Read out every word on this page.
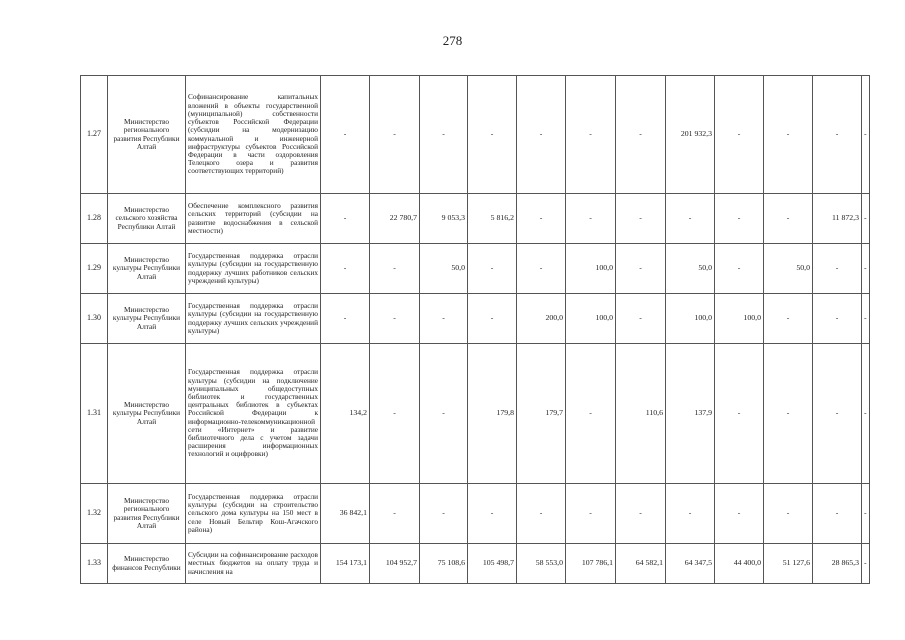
278
1.27	Министерство регионального развития Республики Алтай	Софинансирование капитальных вложений в объекты государственной (муниципальной) собственности субъектов Российской Федерации (субсидии на модернизацию коммунальной и инженерной инфраструктуры субъектов Российской Федерации в части оздоровления Телецкого озера и развития соответствующих территорий)	-	-	-	-	-	-	-	201 932,3	-	-	-	-
1.28	Министерство сельского хозяйства Республики Алтай	Обеспечение комплексного развития сельских территорий (субсидии на развитие водоснабжения в сельской местности)	-	22 780,7	9 053,3	5 816,2	-	-	-	-	-	-	11 872,3	-
1.29	Министерство культуры Республики Алтай	Государственная поддержка отрасли культуры (субсидии на государственную поддержку лучших работников сельских учреждений культуры)	-	-	50,0	-	-	100,0	-	50,0	-	50,0	-	-
1.30	Министерство культуры Республики Алтай	Государственная поддержка отрасли культуры (субсидии на государственную поддержку лучших сельских учреждений культуры)	-	-	-	-	200,0	100,0	-	100,0	100,0	-	-	-
1.31	Министерство культуры Республики Алтай	Государственная поддержка отрасли культуры (субсидии на подключение муниципальных общедоступных библиотек и государственных центральных библиотек в субъектах Российской Федерации к информационно-телекоммуникационной сети «Интернет» и развитие библиотечного дела с учетом задачи расширения информационных технологий и оцифровки)	134,2	-	-	179,8	179,7	-	110,6	137,9	-	-	-	-
1.32	Министерство регионального развития Республики Алтай	Государственная поддержка отрасли культуры (субсидии на строительство сельского дома культуры на 150 мест в селе Новый Бельтир Кош-Агачского района)	36 842,1	-	-	-	-	-	-	-	-	-	-	-
1.33	Министерство финансов Республики	Субсидии на софинансирование расходов местных бюджетов на оплату труда и начисления на	154 173,1	104 952,7	75 108,6	105 498,7	58 553,0	107 786,1	64 582,1	64 347,5	44 400,0	51 127,6	28 865,3	-
